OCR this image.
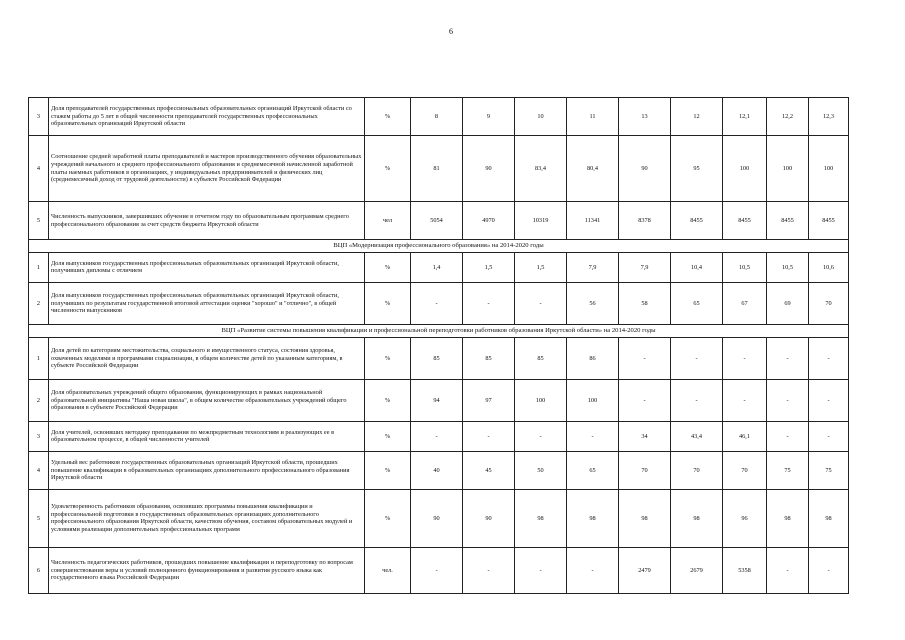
6
3	Доля преподавателей государственных профессиональных образовательных организаций Иркутской области со стажем работы до 5 лет в общей численности преподавателей государственных профессиональных образовательных организаций Иркутской области	%	8	9	10	11	13	12	12,1	12,2	12,3
4	Соотношение средней заработной платы преподавателей и мастеров производственного обучения образовательных учреждений начального и среднего профессионального образования и среднемесячной начисленной заработной платы наемных работников в организациях, у индивидуальных предпринимателей и физических лиц (среднемесячный доход от трудовой деятельности) в субъекте Российской Федерации	%	81	90	83,4	80,4	90	95	100	100	100
5	Численность выпускников, завершивших обучение в отчетном году по образовательным программам среднего профессионального образования за счет средств бюджета Иркутской области	чел	5054	4970	10319	11341	8378	8455	8455	8455	8455
ВЦП «Модернизация профессионального образования» на 2014-2020 годы											
1	Доля выпускников государственных профессиональных образовательных организаций Иркутской области, получивших дипломы с отличием	%	1,4	1,5	1,5	7,9	7,9	10,4	10,5	10,5	10,6
2	Доля выпускников государственных профессиональных образовательных организаций Иркутской области, получивших по результатам государственной итоговой аттестации оценки "хорошо" и "отлично", в общей численности выпускников	%	-	-	-	56	58	65	67	69	70
ВЦП «Развитие системы повышения квалификации и профессиональной переподготовки работников образования Иркутской области» на 2014-2020 годы											
1	Доля детей по категориям местожительства, социального и имущественного статуса, состояния здоровья, охваченных моделями и программами социализации, в общем количестве детей по указанным категориям, в субъекте Российской Федерации	%	85	85	85	86	-	-	-	-	-
2	Доля образовательных учреждений общего образования, функционирующих в рамках национальной образовательной инициативы "Наша новая школа", в общем количестве образовательных учреждений общего образования в субъекте Российской Федерации	%	94	97	100	100	-	-	-	-	-
3	Доля учителей, освоивших методику преподавания по межпредметным технологиям и реализующих ее в образовательном процессе, в общей численности учителей	%	-	-	-	-	34	43,4	46,1	-	-
4	Удельный вес работников государственных образовательных организаций Иркутской области, прошедших повышение квалификации в образовательных организациях дополнительного профессионального образования Иркутской области	%	40	45	50	65	70	70	70	75	75
5	Удовлетворенность работников образования, освоивших программы повышения квалификации и профессиональной подготовки в государственных образовательных организациях дополнительного профессионального образования Иркутской области, качеством обучения, составом образовательных модулей и условиями реализации дополнительных профессиональных программ	%	90	90	98	98	98	98	96	98	98
6	Численность педагогических работников, прошедших повышение квалификации и переподготовку по вопросам совершенствования веры и условий полноценного функционирования и развития русского языка как государственного языка Российской Федерации	чел.	-	-	-	-	2479	2679	5358	-	-
